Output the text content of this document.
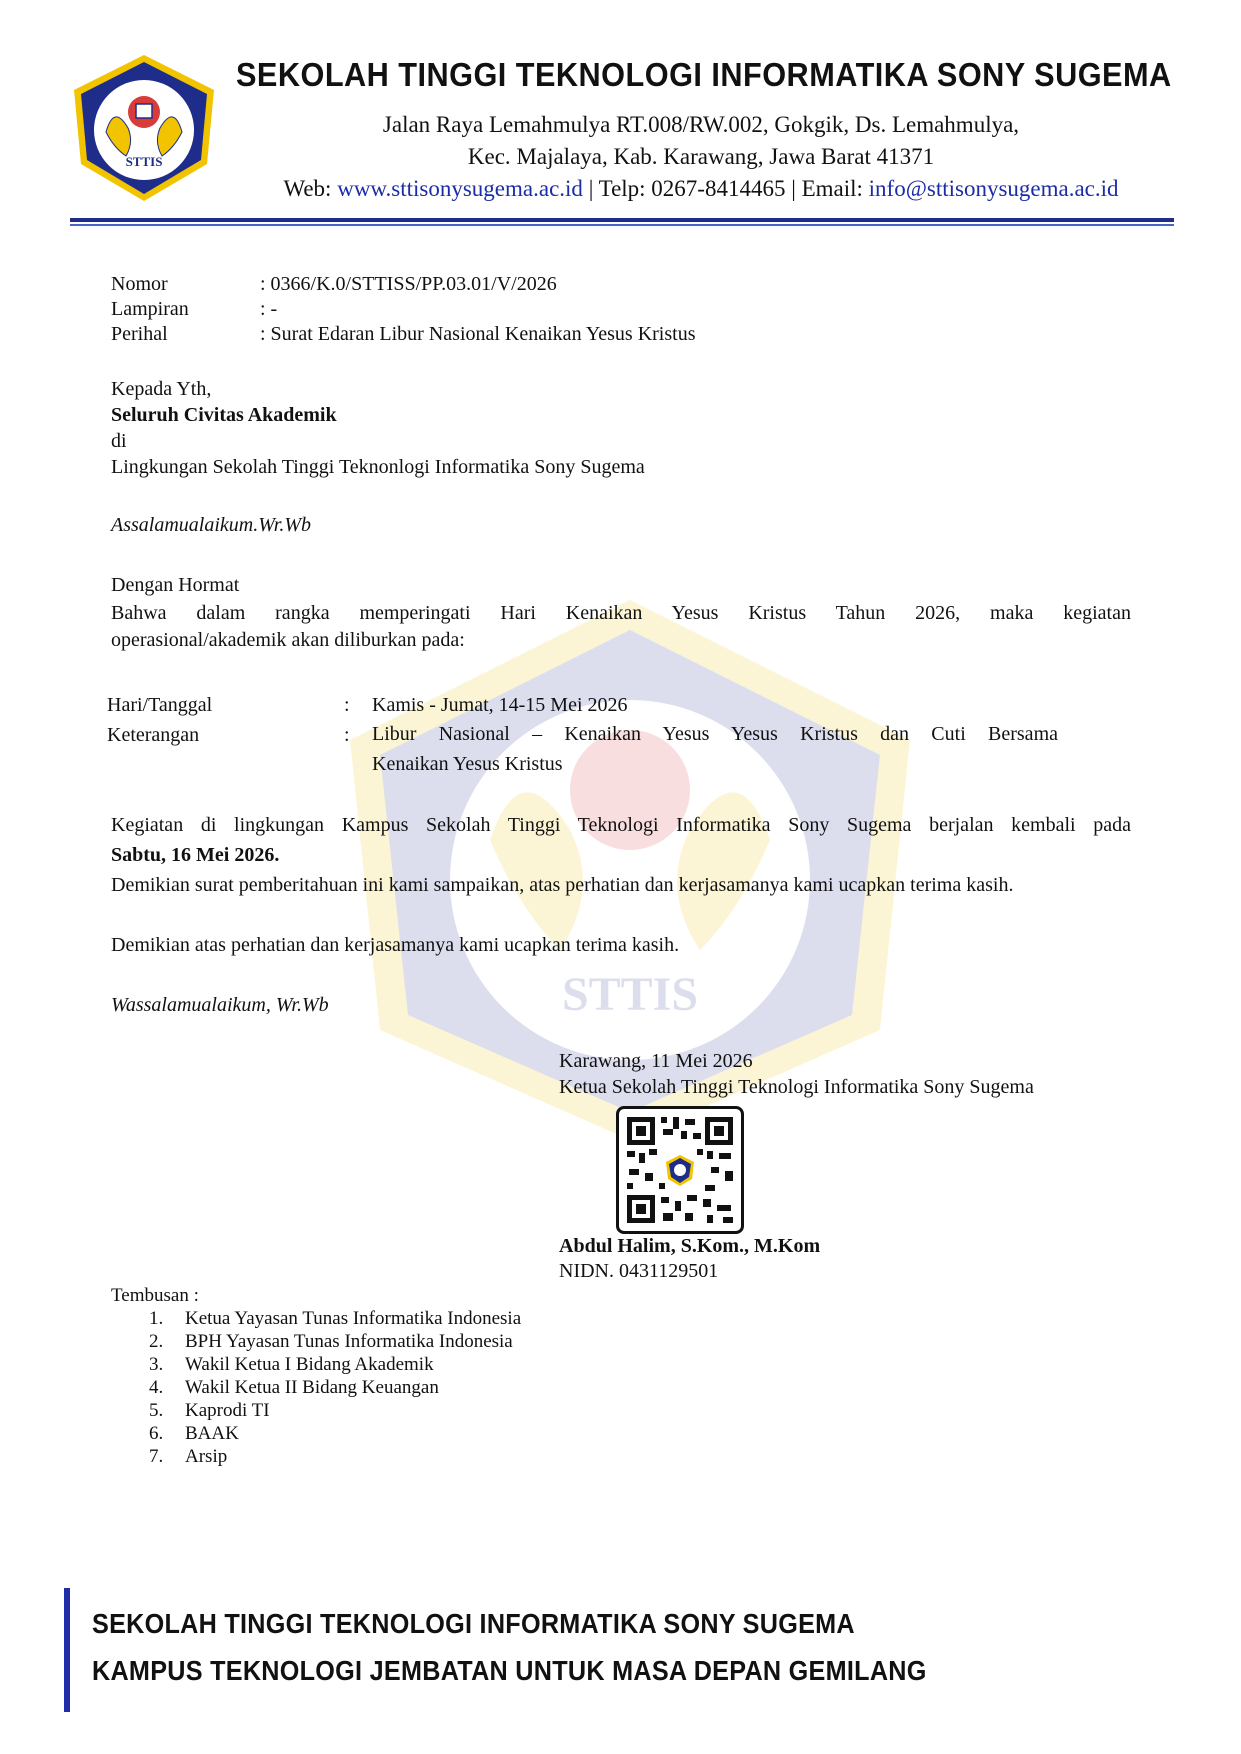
STTIS
STTIS
SEKOLAH TINGGI TEKNOLOGI INFORMATIKA SONY SUGEMA
Jalan Raya Lemahmulya RT.008/RW.002, Gokgik, Ds. Lemahmulya,
Kec. Majalaya, Kab. Karawang, Jawa Barat 41371
Web: www.sttisonysugema.ac.id | Telp: 0267-8414465 | Email: info@sttisonysugema.ac.id
Nomor	: 0366/K.0/STTISS/PP.03.01/V/2026
Lampiran	: -
Perihal	: Surat Edaran Libur Nasional Kenaikan Yesus Kristus
Kepada Yth,
Seluruh Civitas Akademik
di
Lingkungan Sekolah Tinggi Teknonlogi Informatika Sony Sugema
Assalamualaikum.Wr.Wb
Dengan Hormat
Bahwa dalam rangka memperingati Hari Kenaikan Yesus Kristus Tahun 2026, maka kegiatan
operasional/akademik akan diliburkan pada:
Hari/Tanggal	: Kamis - Jumat, 14-15 Mei 2026
Keterangan	: Libur Nasional – Kenaikan Yesus Yesus Kristus dan Cuti Bersama
Kenaikan Yesus Kristus
Kegiatan di lingkungan Kampus Sekolah Tinggi Teknologi Informatika Sony Sugema berjalan kembali pada
Sabtu, 16 Mei 2026.
Demikian surat pemberitahuan ini kami sampaikan, atas perhatian dan kerjasamanya kami ucapkan terima kasih.
Demikian atas perhatian dan kerjasamanya kami ucapkan terima kasih.
Wassalamualaikum, Wr.Wb
Karawang, 11 Mei 2026
Ketua Sekolah Tinggi Teknologi Informatika Sony Sugema
Abdul Halim, S.Kom., M.Kom
NIDN. 0431129501
Tembusan :
1. Ketua Yayasan Tunas Informatika Indonesia
2. BPH Yayasan Tunas Informatika Indonesia
3. Wakil Ketua I Bidang Akademik
4. Wakil Ketua II Bidang Keuangan
5. Kaprodi TI
6. BAAK
7. Arsip
SEKOLAH TINGGI TEKNOLOGI INFORMATIKA SONY SUGEMA
KAMPUS TEKNOLOGI JEMBATAN UNTUK MASA DEPAN GEMILANG
